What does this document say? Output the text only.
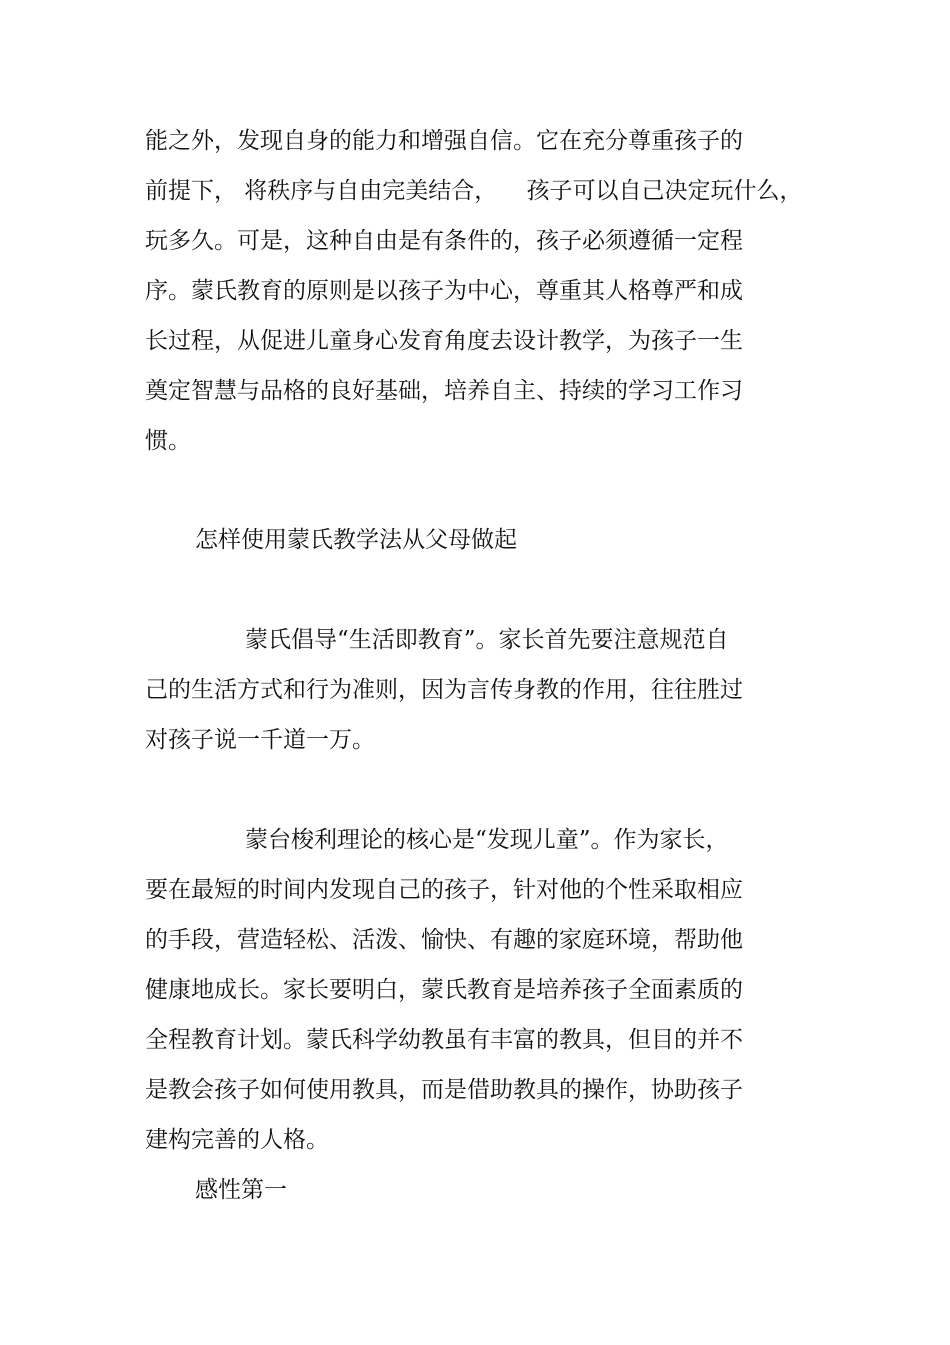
能之外，发现自身的能力和增强自信。它在充分尊重孩子的

前提下， 将秩序与自由完美结合，    孩子可以自己决定玩什么，

玩多久。可是，这种自由是有条件的，孩子必须遵循一定程

序。蒙氏教育的原则是以孩子为中心，尊重其人格尊严和成

长过程，从促进儿童身心发育角度去设计教学，为孩子一生

奠定智慧与品格的良好基础，培养自主、持续的学习工作习

惯。

怎样使用蒙氏教学法从父母做起

蒙氏倡导“生活即教育”。家长首先要注意规范自

己的生活方式和行为准则，因为言传身教的作用，往往胜过

对孩子说一千道一万。

蒙台梭利理论的核心是“发现儿童”。作为家长，

要在最短的时间内发现自己的孩子，针对他的个性采取相应

的手段，营造轻松、活泼、愉快、有趣的家庭环境，帮助他

健康地成长。家长要明白，蒙氏教育是培养孩子全面素质的

全程教育计划。蒙氏科学幼教虽有丰富的教具，但目的并不

是教会孩子如何使用教具，而是借助教具的操作，协助孩子

建构完善的人格。

感性第一
